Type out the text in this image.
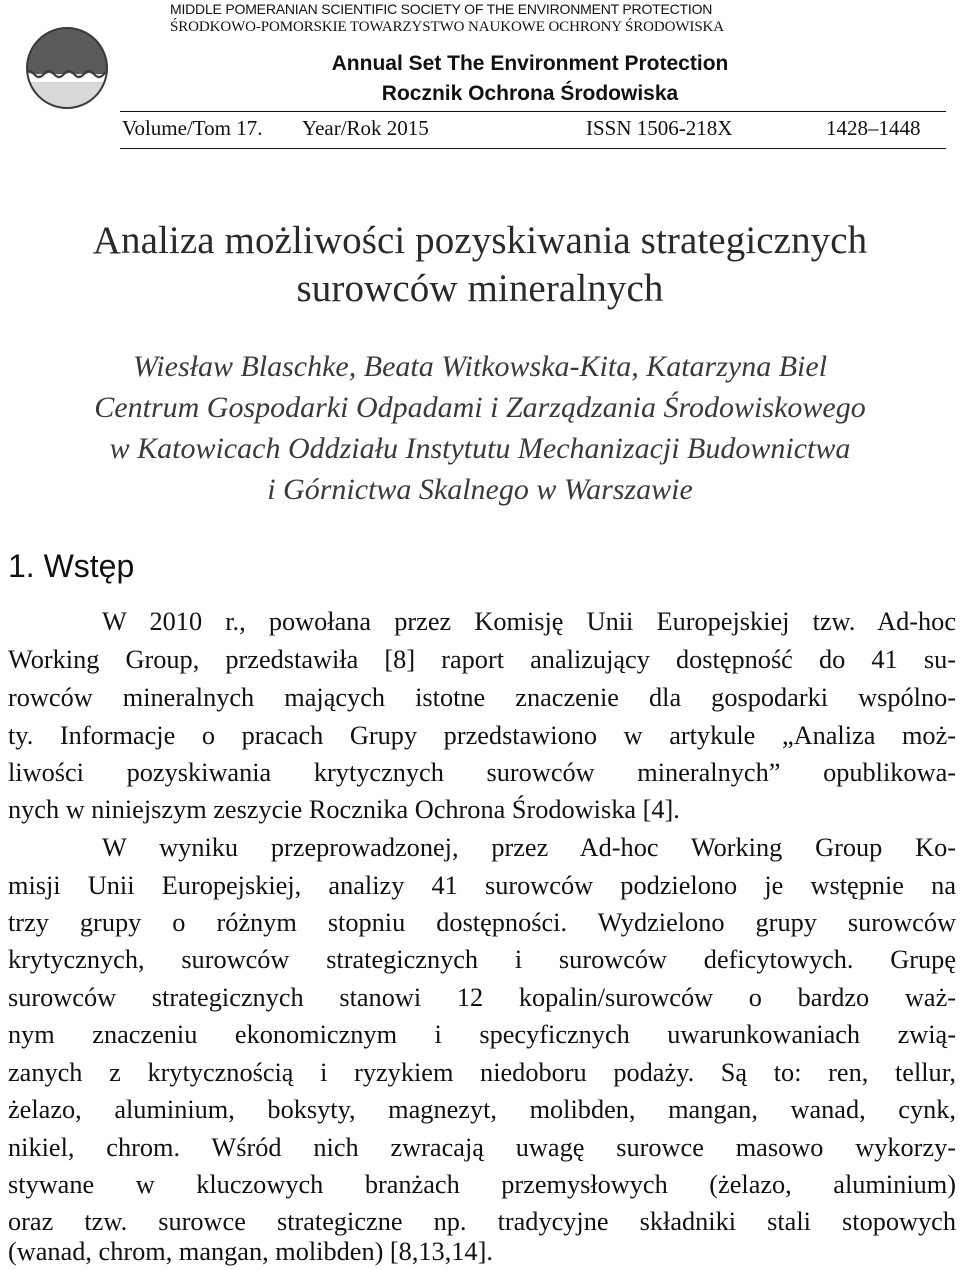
MIDDLE POMERANIAN SCIENTIFIC SOCIETY OF THE ENVIRONMENT PROTECTION
ŚRODKOWO-POMORSKIE TOWARZYSTWO NAUKOWE OCHRONY ŚRODOWISKA
Annual Set The Environment Protection
Rocznik Ochrona Środowiska
Volume/Tom 17. Year/Rok 2015	ISSN 1506-218X	1428–1448
Analiza możliwości pozyskiwania strategicznych
surowców mineralnych
Wiesław Blaschke, Beata Witkowska-Kita, Katarzyna Biel
Centrum Gospodarki Odpadami i Zarządzania Środowiskowego
w Katowicach Oddziału Instytutu Mechanizacji Budownictwa
i Górnictwa Skalnego w Warszawie
1. Wstęp
W 2010 r., powołana przez Komisję Unii Europejskiej tzw. Ad-hoc
Working Group, przedstawiła [8] raport analizujący dostępność do 41 su-
rowców mineralnych mających istotne znaczenie dla gospodarki wspólno-
ty. Informacje o pracach Grupy przedstawiono w artykule „Analiza moż-
liwości pozyskiwania krytycznych surowców mineralnych” opublikowa-
nych w niniejszym zeszycie Rocznika Ochrona Środowiska [4].
W wyniku przeprowadzonej, przez Ad-hoc Working Group Ko-
misji Unii Europejskiej, analizy 41 surowców podzielono je wstępnie na
trzy grupy o różnym stopniu dostępności. Wydzielono grupy surowców
krytycznych, surowców strategicznych i surowców deficytowych. Grupę
surowców strategicznych stanowi 12 kopalin/surowców o bardzo waż-
nym znaczeniu ekonomicznym i specyficznych uwarunkowaniach zwią-
zanych z krytycznością i ryzykiem niedoboru podaży. Są to: ren, tellur,
żelazo, aluminium, boksyty, magnezyt, molibden, mangan, wanad, cynk,
nikiel, chrom. Wśród nich zwracają uwagę surowce masowo wykorzy-
stywane w kluczowych branżach przemysłowych (żelazo, aluminium)
oraz tzw. surowce strategiczne np. tradycyjne składniki stali stopowych
(wanad, chrom, mangan, molibden) [8,13,14].
